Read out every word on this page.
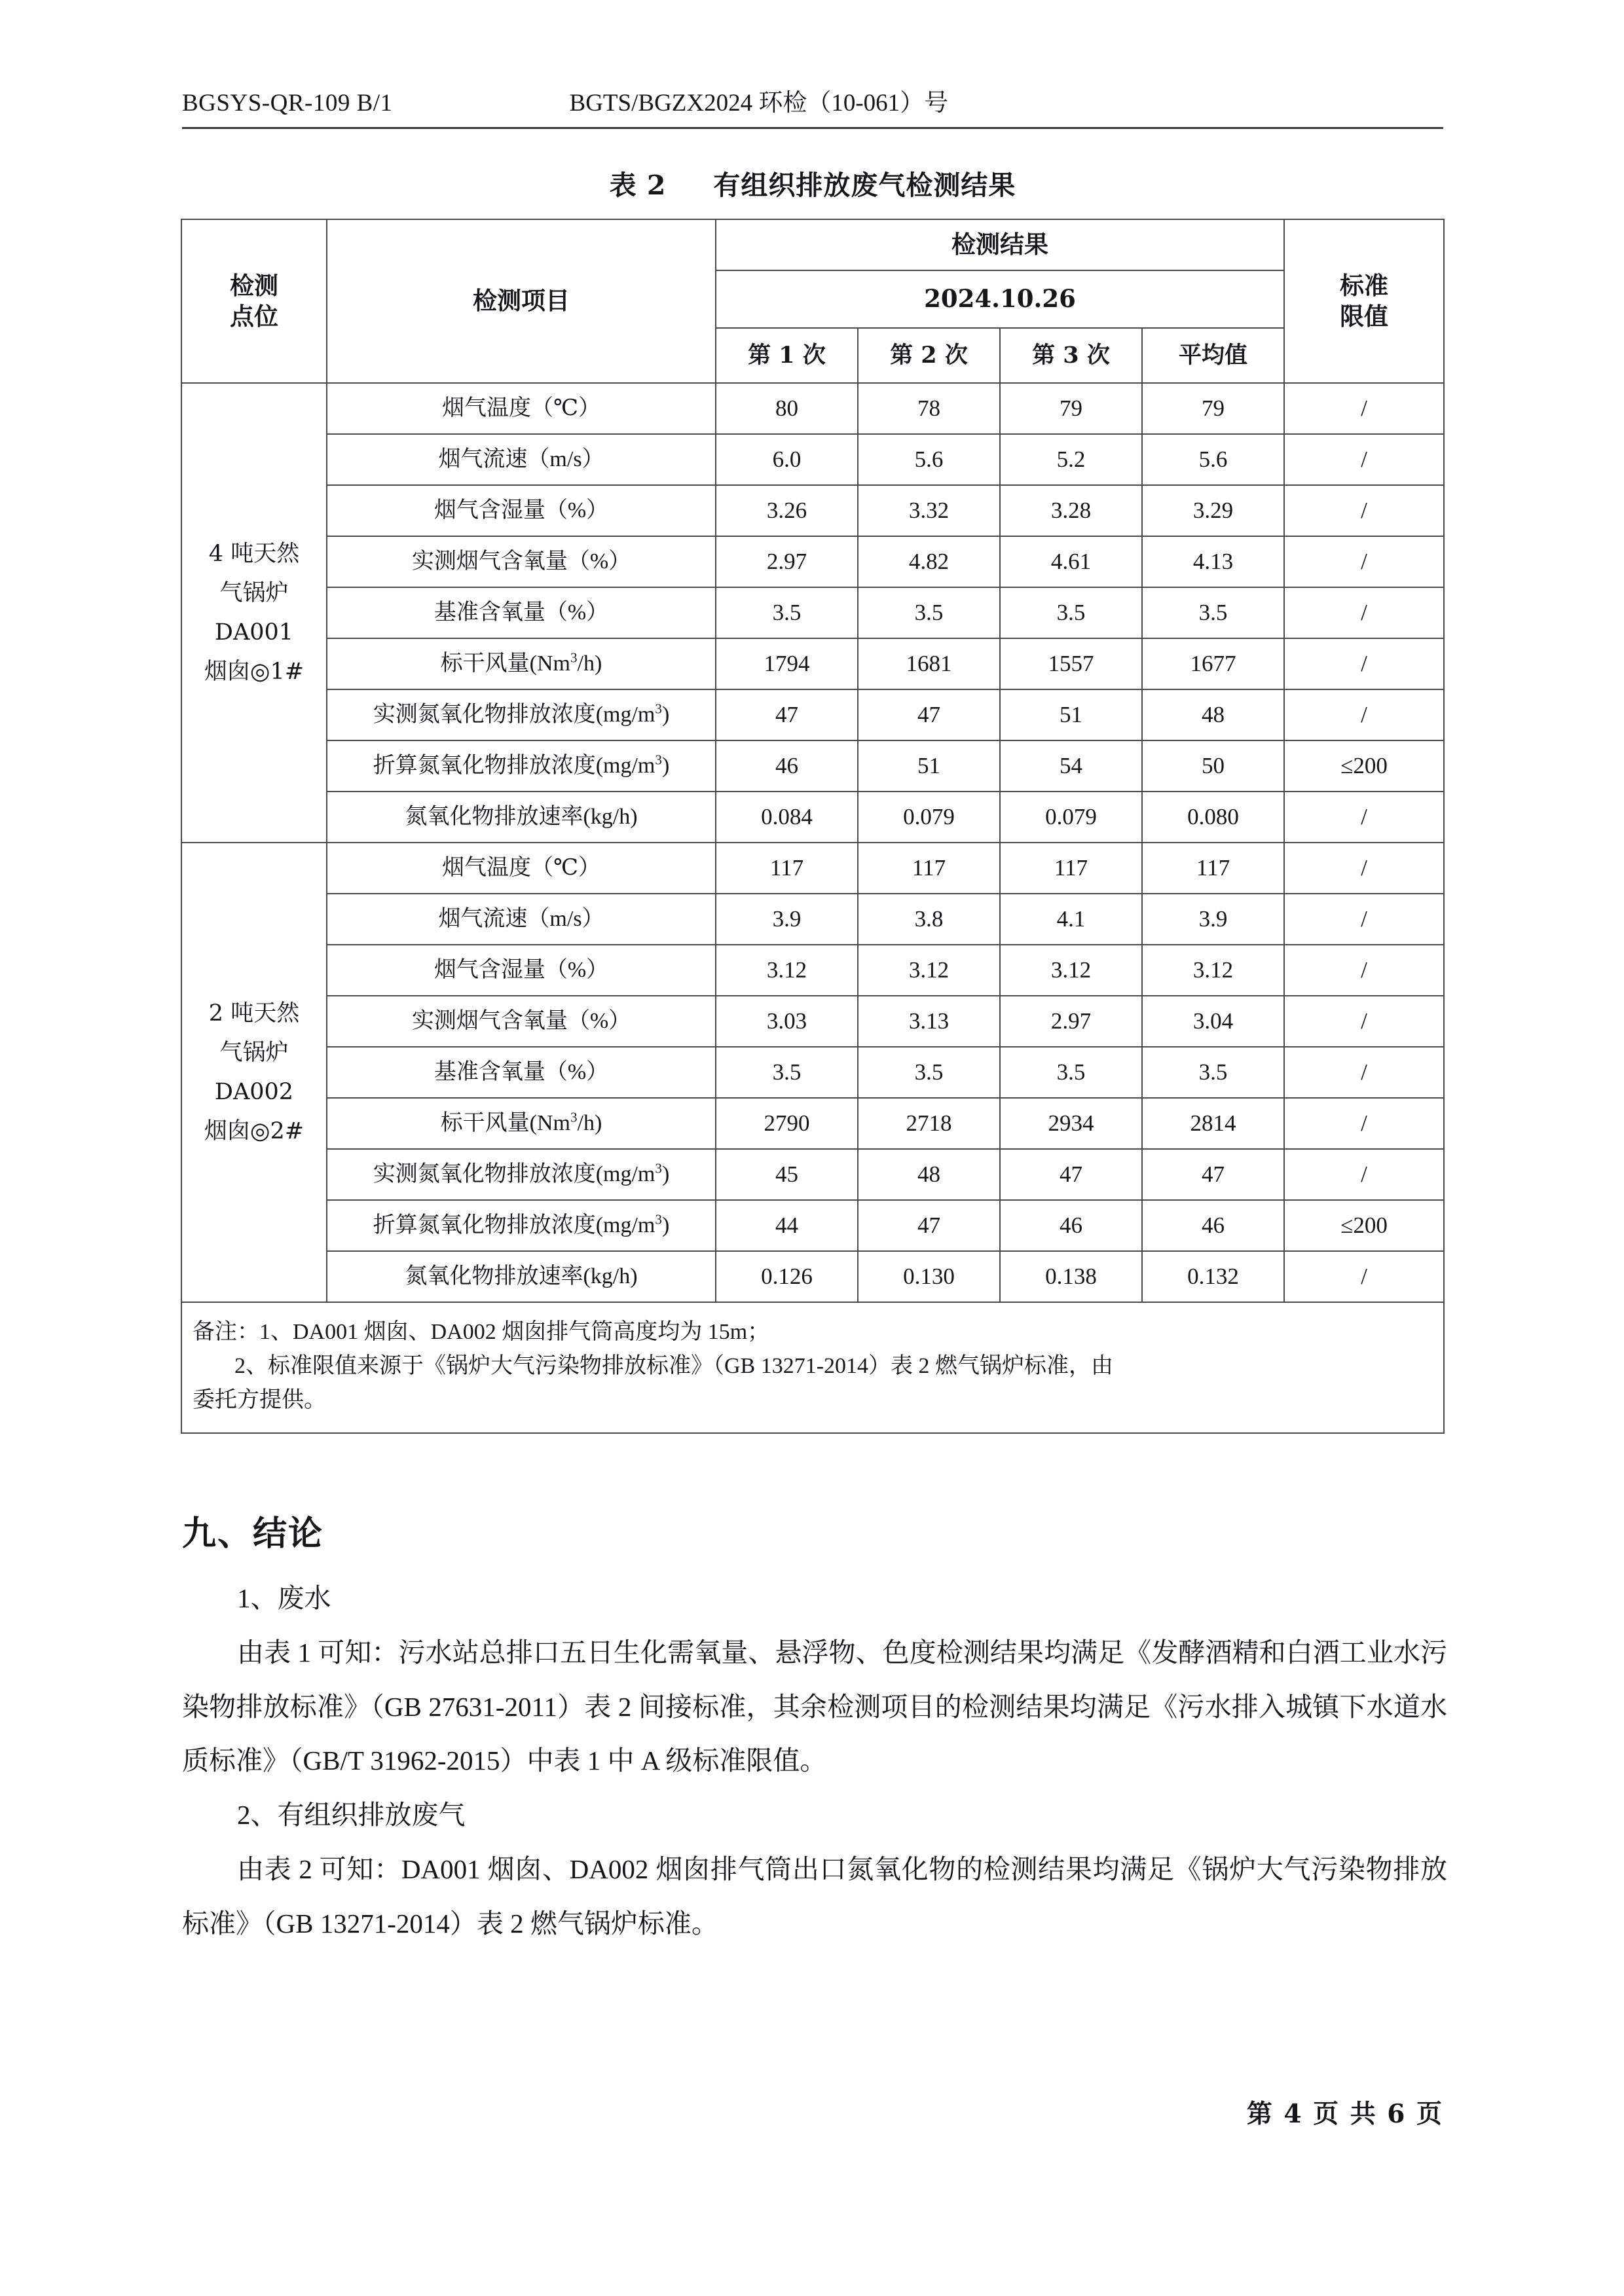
BGSYS-QR-109 B/1	BGTS/BGZX2024 环检（10-061）号
表 2 有组织排放废气检测结果
检测
点位	检测项目	检测结果				标准
限值

		2024.10.26				
		第 1 次	第 2 次	第 3 次	平均值	

4 吨天然
气锅炉
DA001
烟囱◎1#	烟气温度（℃）	80	78	79	79	/
	烟气流速（m/s）	6.0	5.6	5.2	5.6	/
	烟气含湿量（%）	3.26	3.32	3.28	3.29	/
	实测烟气含氧量（%）	2.97	4.82	4.61	4.13	/
	基准含氧量（%）	3.5	3.5	3.5	3.5	/
	标干风量(Nm$^3$/h)	1794	1681	1557	1677	/
	实测氮氧化物排放浓度$(mg/m^3)$	47	47	51	48	/
	折算氮氧化物排放浓度$(mg/m^3)$	46	51	54	50	≤200
	氮氧化物排放速率(kg/h)	0.084	0.079	0.079	0.080	/

2 吨天然
气锅炉
DA002
烟囱◎2#	烟气温度（℃）	117	117	117	117	/
	烟气流速（m/s）	3.9	3.8	4.1	3.9	/
	烟气含湿量（%）	3.12	3.12	3.12	3.12	/
	实测烟气含氧量（%）	3.03	3.13	2.97	3.04	/
	基准含氧量（%）	3.5	3.5	3.5	3.5	/
	标干风量(Nm$^3$/h)	2790	2718	2934	2814	/
	实测氮氧化物排放浓度$(mg/m^3)$	45	48	47	47	/
	折算氮氧化物排放浓度$(mg/m^3)$	44	47	46	46	≤200
	氮氧化物排放速率(kg/h)	0.126	0.130	0.138	0.132	/

备注：1、DA001 烟囱、DA002 烟囱排气筒高度均为 15m；

2、标准限值来源于《锅炉大气污染物排放标准》（GB 13271-2014）表 2 燃气锅炉标准，由

委托方提供。						

九、结论

1、废水

由表 1 可知：污水站总排口五日生化需氧量、悬浮物、色度检测结果均满足《发酵酒精和白酒工业水污染物排放标准》（GB 27631-2011）表 2 间接标准，其余检测项目的检测结果均满足《污水排入城镇下水道水质标准》（GB/T 31962-2015）中表 1 中 A 级标准限值。

2、有组织排放废气

由表 2 可知：DA001 烟囱、DA002 烟囱排气筒出口氮氧化物的检测结果均满足《锅炉大气污染物排放标准》（GB 13271-2014）表 2 燃气锅炉标准。

第 4 页 共 6 页
